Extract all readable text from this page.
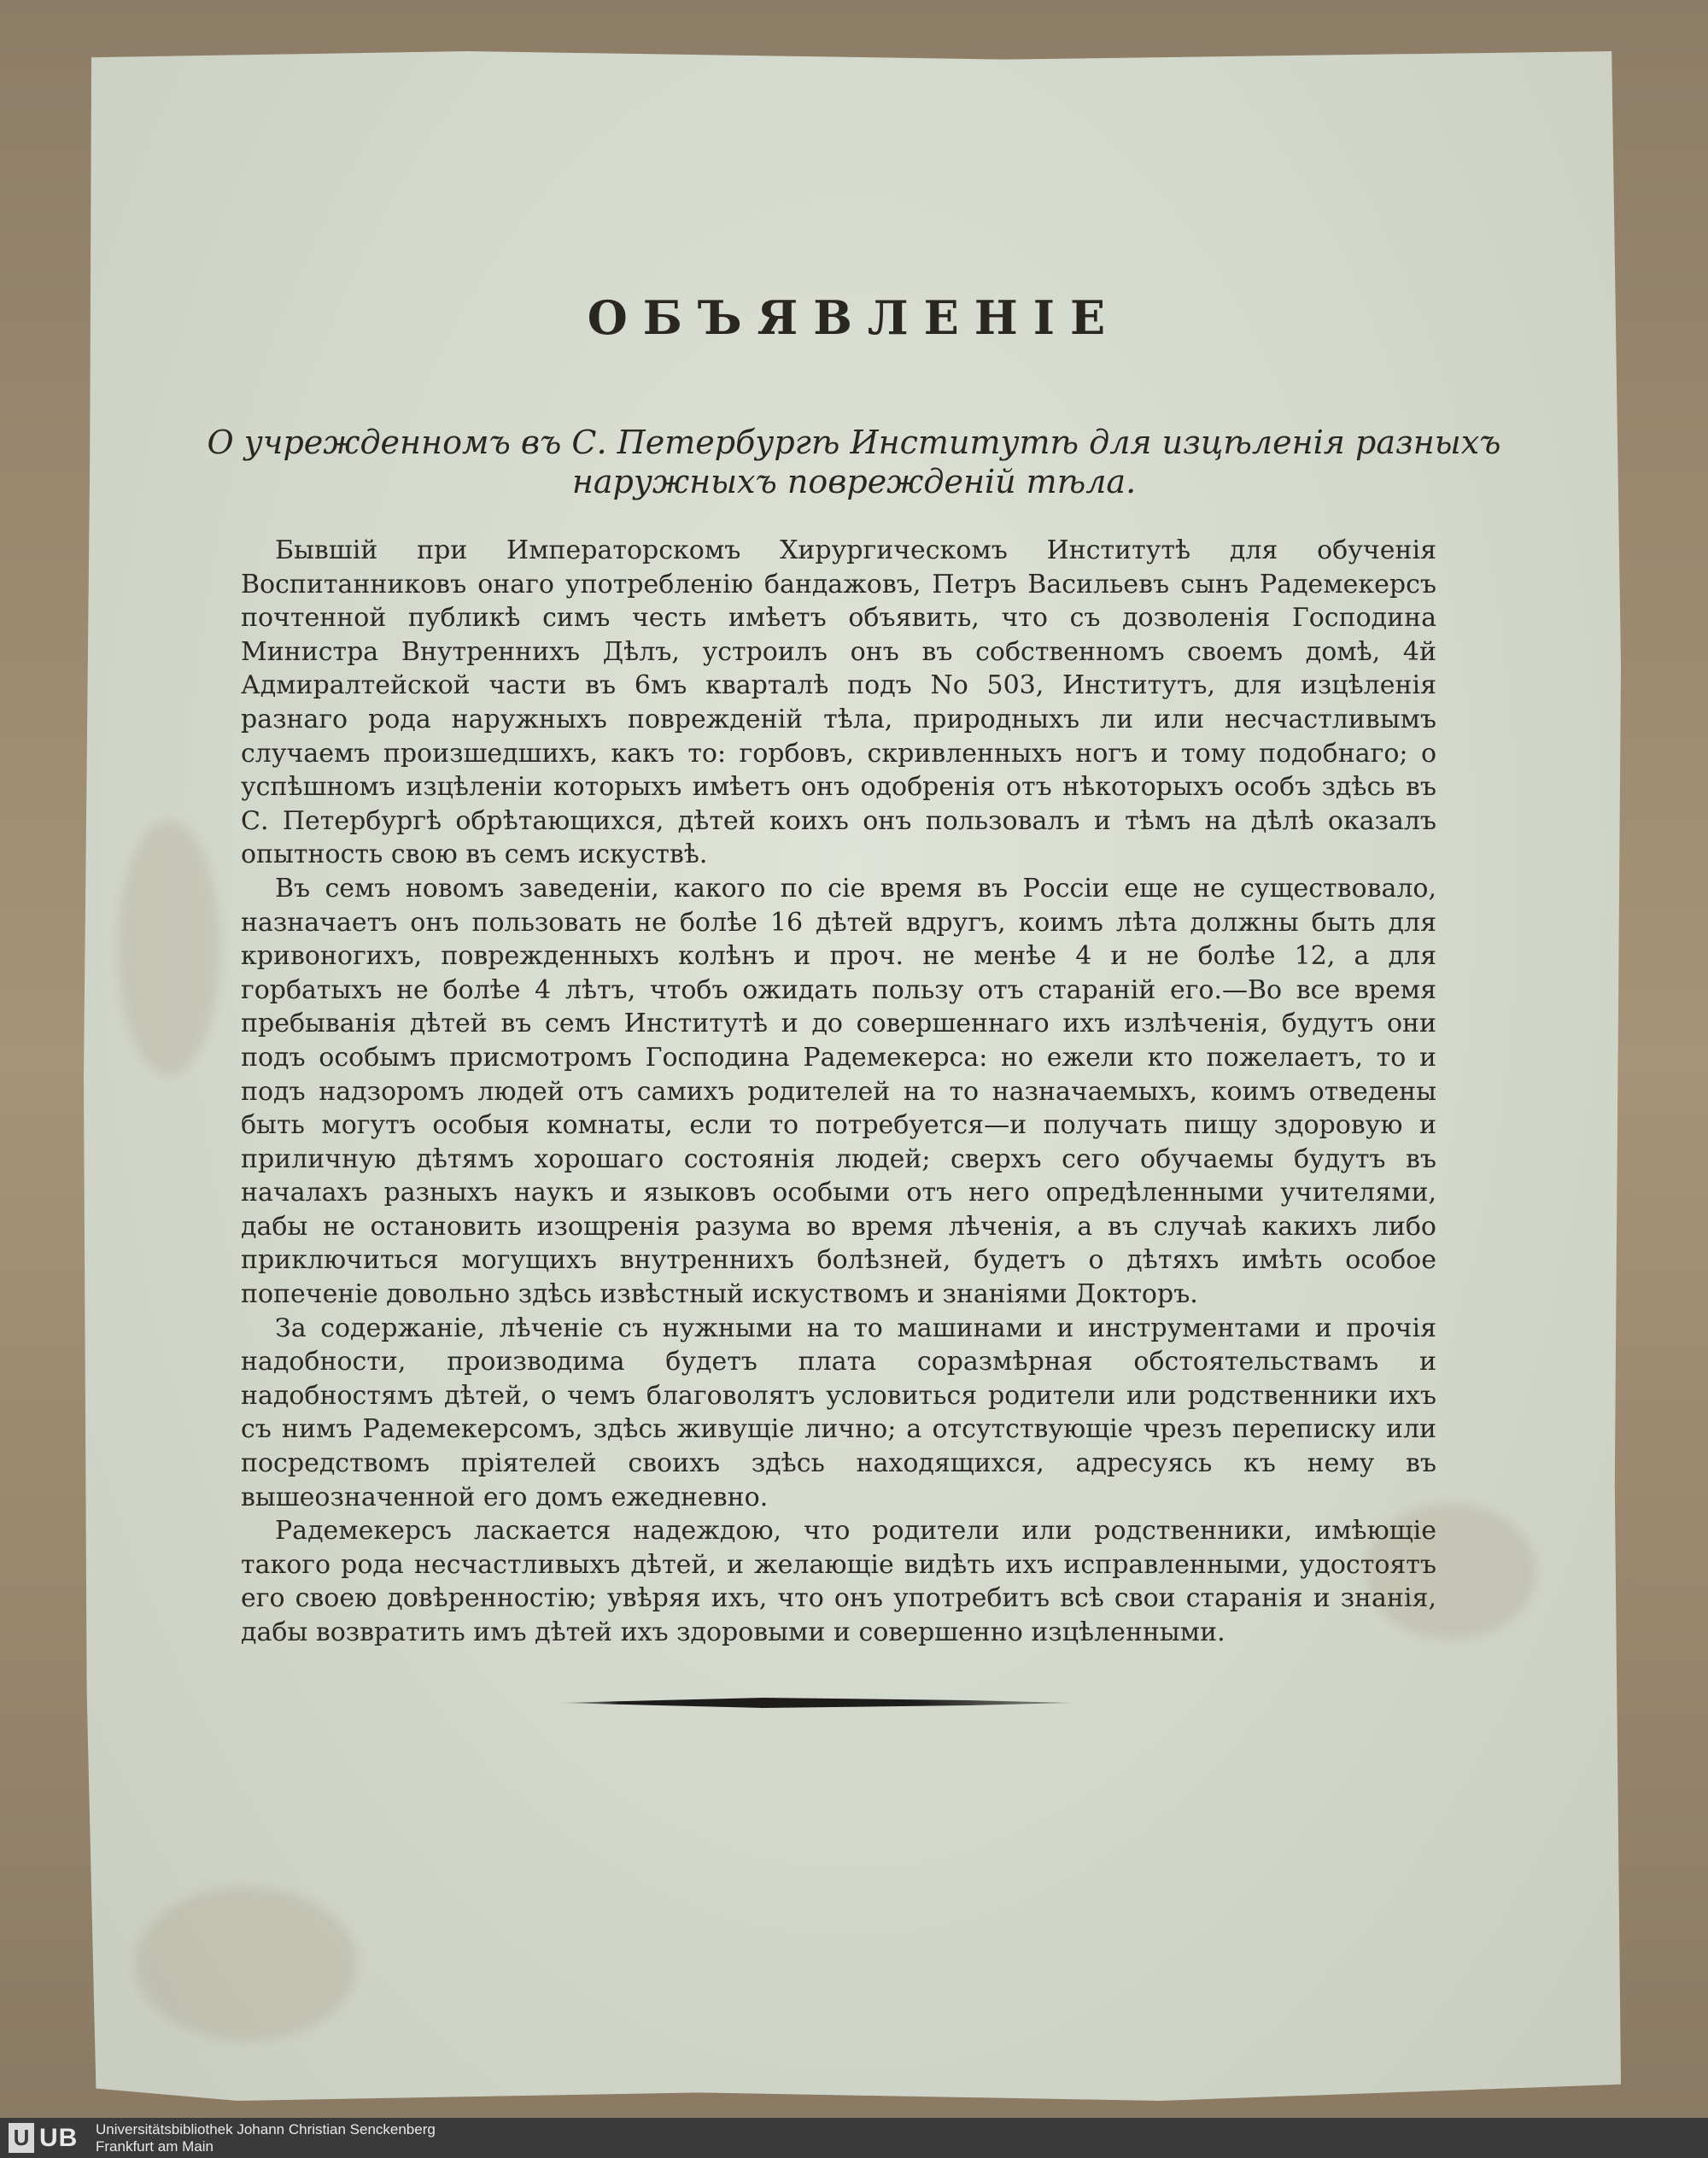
ОБЪЯВЛЕНІЕ
О учрежденномъ въ С. Петербургѣ Институтѣ для изцѣленія разныхъ наружныхъ поврежденій тѣла.

Бывшій при Императорскомъ Хирургическомъ Институтѣ для обученія Воспитанниковъ онаго употребленію бандажовъ, Петръ Васильевъ сынъ Радемекерсъ почтенной публикѣ симъ честь имѣетъ объявить, что съ дозволенія Господина Министра Внутреннихъ Дѣлъ, устроилъ онъ въ собственномъ своемъ домѣ, 4й Адмиралтейской части въ 6мъ кварталѣ подъ No 503, Институтъ, для изцѣленія разнаго рода наружныхъ поврежденій тѣла, природныхъ ли или несчастливымъ случаемъ произшедшихъ, какъ то: горбовъ, скривленныхъ ногъ и тому подобнаго; о успѣшномъ изцѣленіи которыхъ имѣетъ онъ одобренія отъ нѣкоторыхъ особъ здѣсь въ С. Петербургѣ обрѣтающихся, дѣтей коихъ онъ пользовалъ и тѣмъ на дѣлѣ оказалъ опытность свою въ семъ искуствѣ.

Въ семъ новомъ заведеніи, какого по сіе время въ Россіи еще не существовало, назначаетъ онъ пользовать не болѣе 16 дѣтей вдругъ, коимъ лѣта должны быть для кривоногихъ, поврежденныхъ колѣнъ и проч. не менѣе 4 и не болѣе 12, а для горбатыхъ не болѣе 4 лѣтъ, чтобъ ожидать пользу отъ стараній его.—Во все время пребыванія дѣтей въ семъ Институтѣ и до совершеннаго ихъ излѣченія, будутъ они подъ особымъ присмотромъ Господина Радемекерса: но ежели кто пожелаетъ, то и подъ надзоромъ людей отъ самихъ родителей на то назначаемыхъ, коимъ отведены быть могутъ особыя комнаты, если то потребуется—и получать пищу здоровую и приличную дѣтямъ хорошаго состоянія людей; сверхъ сего обучаемы будутъ въ началахъ разныхъ наукъ и языковъ особыми отъ него опредѣленными учителями, дабы не остановить изощренія разума во время лѣченія, а въ случаѣ какихъ либо приключиться могущихъ внутреннихъ болѣзней, будетъ о дѣтяхъ имѣть особое попеченіе довольно здѣсь извѣстный искуствомъ и знаніями Докторъ.

За содержаніе, лѣченіе съ нужными на то машинами и инструментами и прочія надобности, производима будетъ плата соразмѣрная обстоятельствамъ и надобностямъ дѣтей, о чемъ благоволятъ условиться родители или родственники ихъ съ нимъ Радемекерсомъ, здѣсь живущіе лично; а отсутствующіе чрезъ переписку или посредствомъ пріятелей своихъ здѣсь находящихся, адресуясь къ нему въ вышеозначенной его домъ ежедневно.

Радемекерсъ ласкается надеждою, что родители или родственники, имѣющіе такого рода несчастливыхъ дѣтей, и желающіе видѣть ихъ исправленными, удостоятъ его своею довѣренностію; увѣряя ихъ, что онъ употребитъ всѣ свои старанія и знанія, дабы возвратить имъ дѣтей ихъ здоровыми и совершенно изцѣленными.

U UB Universitätsbibliothek Johann Christian Senckenberg
Frankfurt am Main
